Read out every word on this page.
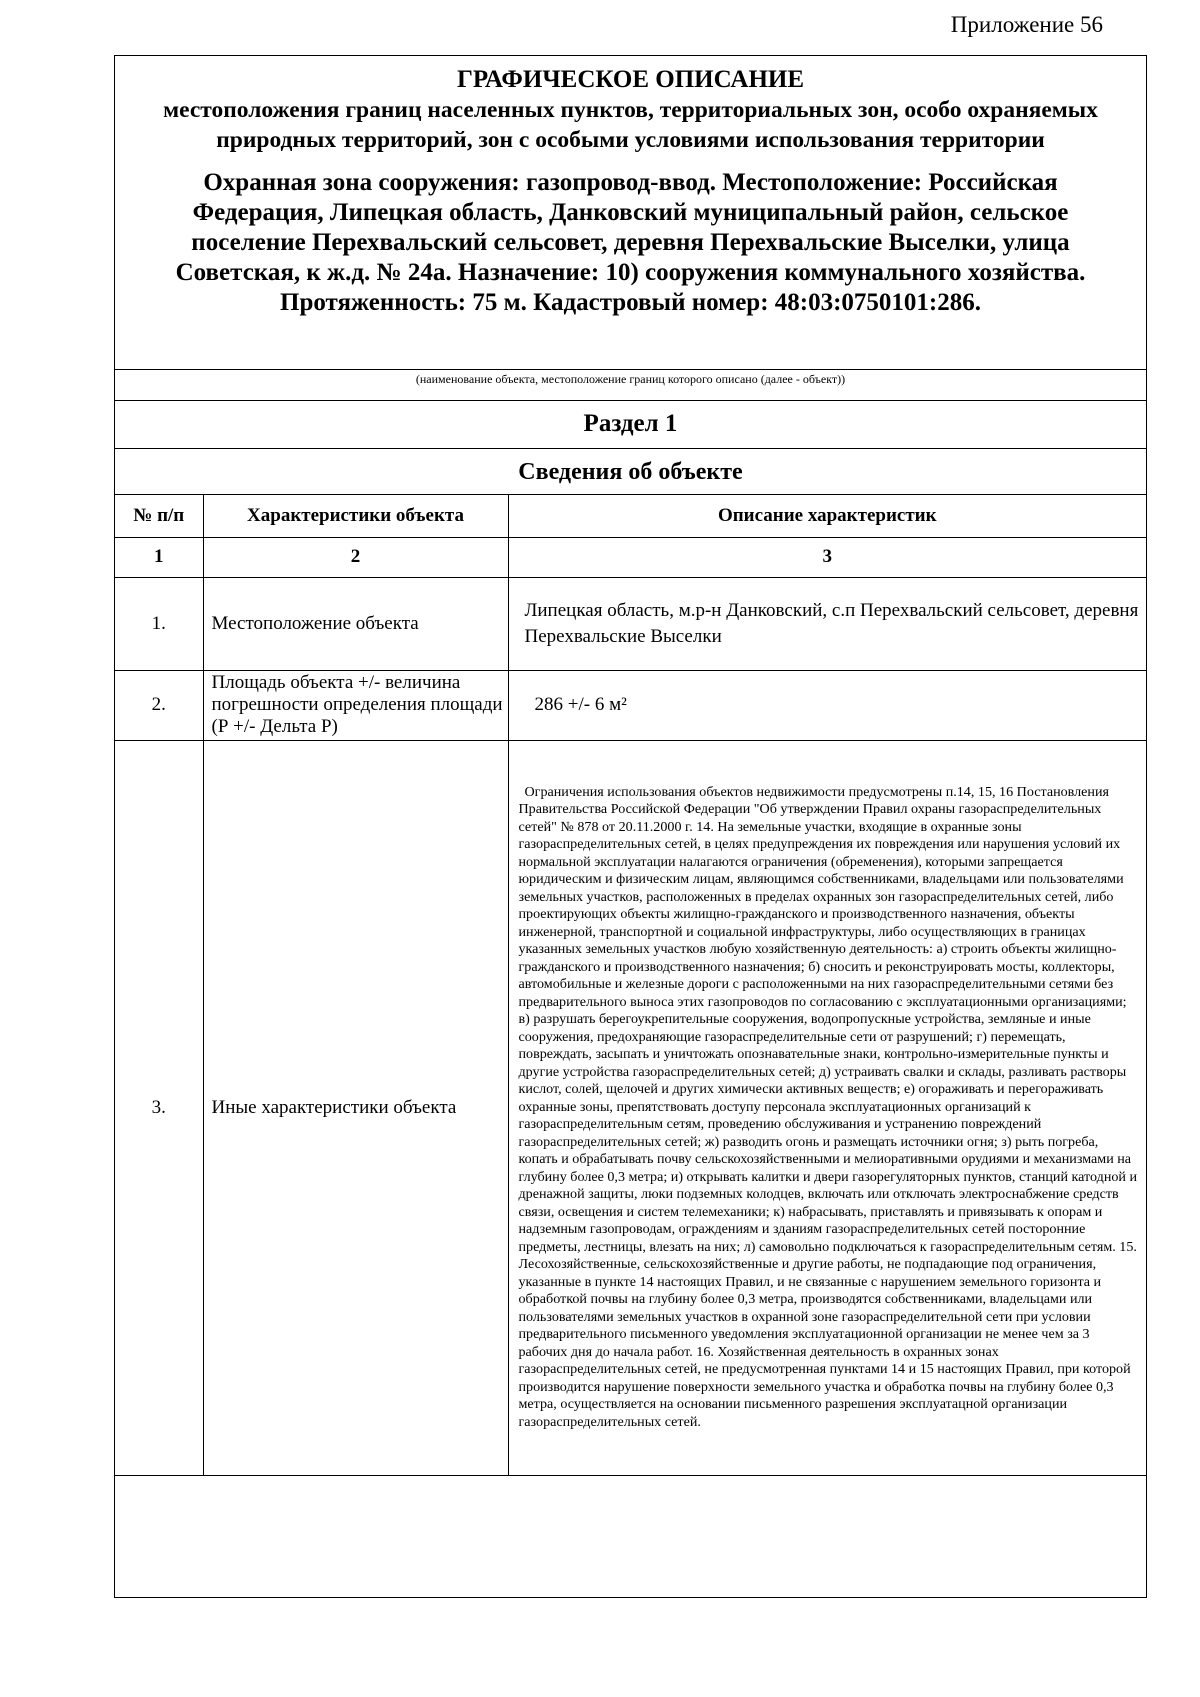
Приложение 56
ГРАФИЧЕСКОЕ ОПИСАНИЕ
местоположения границ населенных пунктов, территориальных зон, особо охраняемых природных территорий, зон с особыми условиями использования территории
Охранная зона сооружения: газопровод-ввод. Местоположение: Российская Федерация, Липецкая область, Данковский муниципальный район, сельское поселение Перехвальский сельсовет, деревня Перехвальские Выселки, улица Советская, к ж.д. № 24а. Назначение: 10) сооружения коммунального хозяйства. Протяженность: 75 м. Кадастровый номер: 48:03:0750101:286.
(наименование объекта, местоположение границ которого описано (далее - объект))
Раздел 1
Сведения об объекте
№ п/п	Характеристики объекта	Описание характеристик
1	2	3
1.	Местоположение объекта	Липецкая область, м.р-н Данковский, с.п Перехвальский сельсовет, деревня Перехвальские Выселки

2.	Площадь объекта +/- величина погрешности определения площади (Р +/- Дельта Р)	286 +/- 6 м²

3.	Иные характеристики объекта	Ограничения использования объектов недвижимости предусмотрены п.14, 15, 16 Постановления Правительства Российской Федерации "Об утверждении Правил охраны газораспределительных сетей" № 878 от 20.11.2000 г. 14. На земельные участки, входящие в охранные зоны газораспределительных сетей, в целях предупреждения их повреждения или нарушения условий их нормальной эксплуатации налагаются ограничения (обременения), которыми запрещается юридическим и физическим лицам, являющимся собственниками, владельцами или пользователями земельных участков, расположенных в пределах охранных зон газораспределительных сетей, либо проектирующих объекты жилищно-гражданского и производственного назначения, объекты инженерной, транспортной и социальной инфраструктуры, либо осуществляющих в границах указанных земельных участков любую хозяйственную деятельность: а) строить объекты жилищно-гражданского и производственного назначения; б) сносить и реконструировать мосты, коллекторы, автомобильные и железные дороги с расположенными на них газораспределительными сетями без предварительного выноса этих газопроводов по согласованию с эксплуатационными организациями; в) разрушать берегоукрепительные сооружения, водопропускные устройства, земляные и иные сооружения, предохраняющие газораспределительные сети от разрушений; г) перемещать, повреждать, засыпать и уничтожать опознавательные знаки, контрольно-измерительные пункты и другие устройства газораспределительных сетей; д) устраивать свалки и склады, разливать растворы кислот, солей, щелочей и других химически активных веществ; е) огораживать и перегораживать охранные зоны, препятствовать доступу персонала эксплуатационных организаций к газораспределительным сетям, проведению обслуживания и устранению повреждений газораспределительных сетей; ж) разводить огонь и размещать источники огня; з) рыть погреба, копать и обрабатывать почву сельскохозяйственными и мелиоративными орудиями и механизмами на глубину более 0,3 метра; и) открывать калитки и двери газорегуляторных пунктов, станций катодной и дренажной защиты, люки подземных колодцев, включать или отключать электроснабжение средств связи, освещения и систем телемеханики; к) набрасывать, приставлять и привязывать к опорам и надземным газопроводам, ограждениям и зданиям газораспределительных сетей посторонние предметы, лестницы, влезать на них; л) самовольно подключаться к газораспределительным сетям. 15. Лесохозяйственные, сельскохозяйственные и другие работы, не подпадающие под ограничения, указанные в пункте 14 настоящих Правил, и не связанные с нарушением земельного горизонта и обработкой почвы на глубину более 0,3 метра, производятся собственниками, владельцами или пользователями земельных участков в охранной зоне газораспределительной сети при условии предварительного письменного уведомления эксплуатационной организации не менее чем за 3 рабочих дня до начала работ. 16. Хозяйственная деятельность в охранных зонах газораспределительных сетей, не предусмотренная пунктами 14 и 15 настоящих Правил, при которой производится нарушение поверхности земельного участка и обработка почвы на глубину более 0,3 метра, осуществляется на основании письменного разрешения эксплуатацной организации газораспределительных сетей.
